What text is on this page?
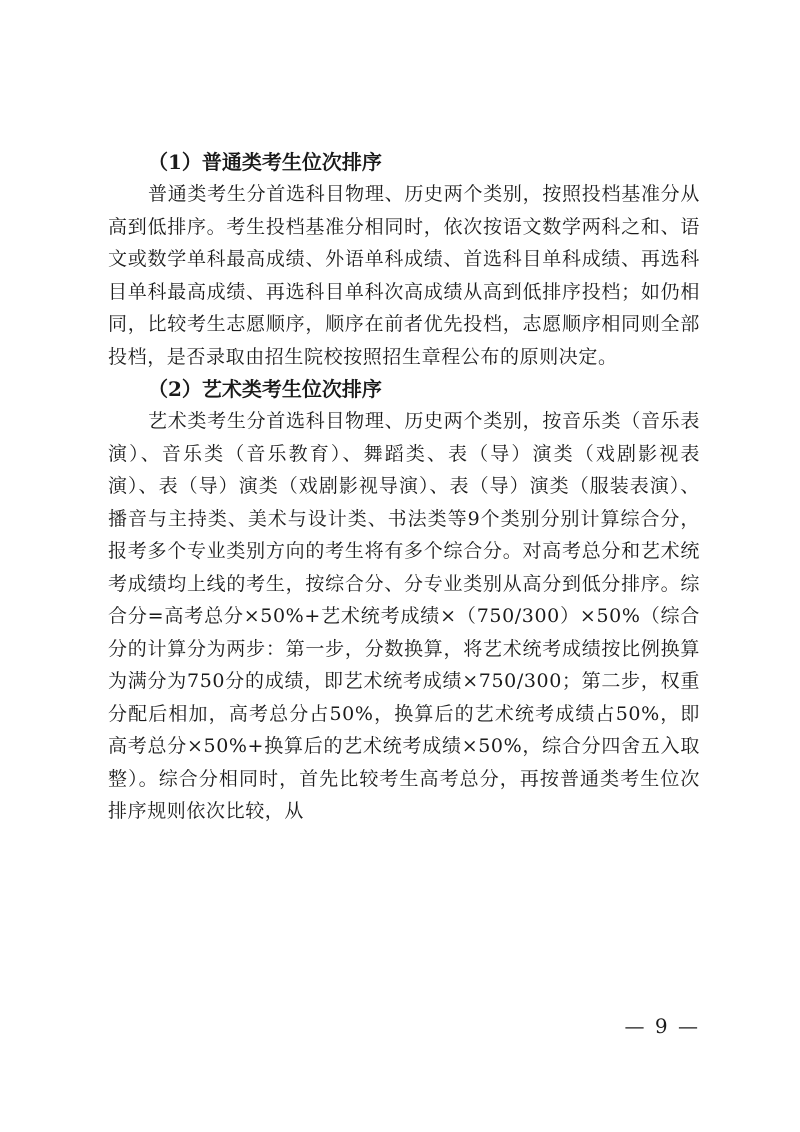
（1）普通类考生位次排序

普通类考生分首选科目物理、历史两个类别，按照投档基准分从高到低排序。考生投档基准分相同时，依次按语文数学两科之和、语文或数学单科最高成绩、外语单科成绩、首选科目单科成绩、再选科目单科最高成绩、再选科目单科次高成绩从高到低排序投档；如仍相同，比较考生志愿顺序，顺序在前者优先投档，志愿顺序相同则全部投档，是否录取由招生院校按照招生章程公布的原则决定。

（2）艺术类考生位次排序

艺术类考生分首选科目物理、历史两个类别，按音乐类（音乐表演）、音乐类（音乐教育）、舞蹈类、表（导）演类（戏剧影视表演）、表（导）演类（戏剧影视导演）、表（导）演类（服装表演）、播音与主持类、美术与设计类、书法类等9个类别分别计算综合分，报考多个专业类别方向的考生将有多个综合分。对高考总分和艺术统考成绩均上线的考生，按综合分、分专业类别从高分到低分排序。综合分=高考总分×50%+艺术统考成绩×（750/300）×50%（综合分的计算分为两步：第一步，分数换算，将艺术统考成绩按比例换算为满分为750分的成绩，即艺术统考成绩×750/300；第二步，权重分配后相加，高考总分占50%，换算后的艺术统考成绩占50%，即高考总分×50%+换算后的艺术统考成绩×50%，综合分四舍五入取整）。综合分相同时，首先比较考生高考总分，再按普通类考生位次排序规则依次比较，从

— 9 —
